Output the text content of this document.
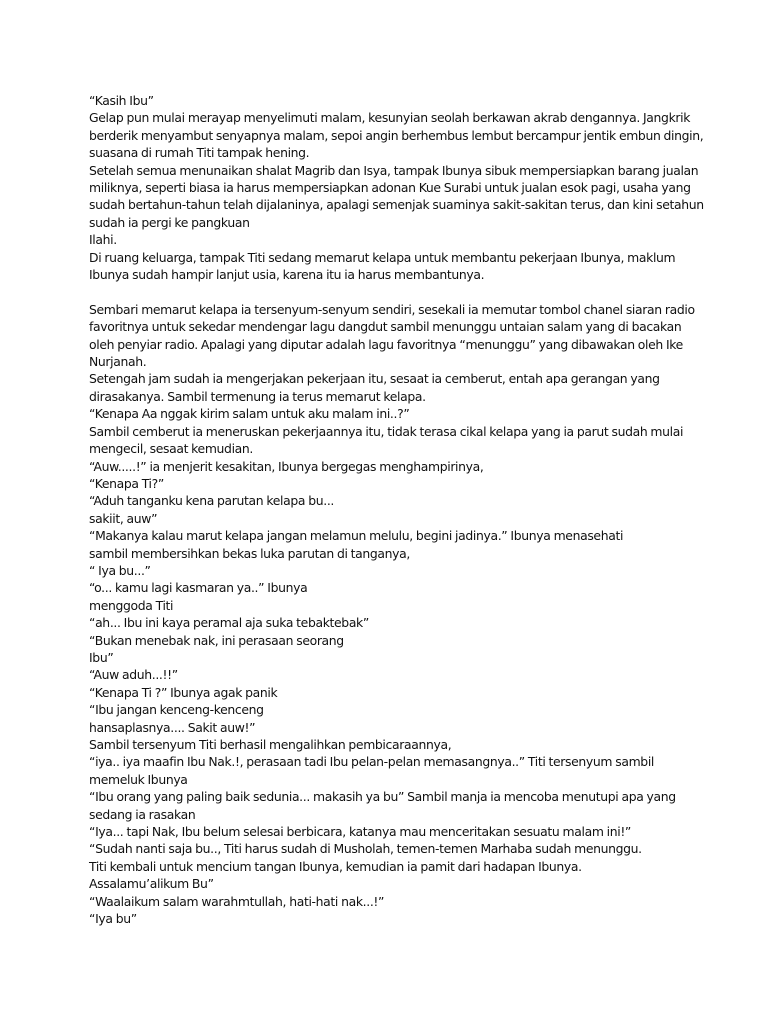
“Kasih Ibu”

Gelap pun mulai merayap menyelimuti malam, kesunyian seolah berkawan akrab dengannya. Jangkrik

berderik menyambut senyapnya malam, sepoi angin berhembus lembut bercampur jentik embun dingin,

suasana di rumah Titi tampak hening.

Setelah semua menunaikan shalat Magrib dan Isya, tampak Ibunya sibuk mempersiapkan barang jualan

miliknya, seperti biasa ia harus mempersiapkan adonan Kue Surabi untuk jualan esok pagi, usaha yang

sudah bertahun-tahun telah dijalaninya, apalagi semenjak suaminya sakit-sakitan terus, dan kini setahun

sudah ia pergi ke pangkuan

Ilahi.

Di ruang keluarga, tampak Titi sedang memarut kelapa untuk membantu pekerjaan Ibunya, maklum

Ibunya sudah hampir lanjut usia, karena itu ia harus membantunya.

Sembari memarut kelapa ia tersenyum-senyum sendiri, sesekali ia memutar tombol chanel siaran radio

favoritnya untuk sekedar mendengar lagu dangdut sambil menunggu untaian salam yang di bacakan

oleh penyiar radio. Apalagi yang diputar adalah lagu favoritnya “menunggu” yang dibawakan oleh Ike

Nurjanah.

Setengah jam sudah ia mengerjakan pekerjaan itu, sesaat ia cemberut, entah apa gerangan yang

dirasakanya. Sambil termenung ia terus memarut kelapa.

“Kenapa Aa nggak kirim salam untuk aku malam ini..?”

Sambil cemberut ia meneruskan pekerjaannya itu, tidak terasa cikal kelapa yang ia parut sudah mulai

mengecil, sesaat kemudian.

“Auw.....!” ia menjerit kesakitan, Ibunya bergegas menghampirinya,

“Kenapa Ti?”

“Aduh tanganku kena parutan kelapa bu...

sakiit, auw”

“Makanya kalau marut kelapa jangan melamun melulu, begini jadinya.” Ibunya menasehati

sambil membersihkan bekas luka parutan di tanganya,

“ Iya bu...”

“o... kamu lagi kasmaran ya..” Ibunya

menggoda Titi

“ah... Ibu ini kaya peramal aja suka tebaktebak”

“Bukan menebak nak, ini perasaan seorang

Ibu”

“Auw aduh...!!”

“Kenapa Ti ?” Ibunya agak panik

“Ibu jangan kenceng-kenceng

hansaplasnya.... Sakit auw!”

Sambil tersenyum Titi berhasil mengalihkan pembicaraannya,

“iya.. iya maafin Ibu Nak.!, perasaan tadi Ibu pelan-pelan memasangnya..” Titi tersenyum sambil

memeluk Ibunya

“Ibu orang yang paling baik sedunia... makasih ya bu” Sambil manja ia mencoba menutupi apa yang

sedang ia rasakan

“Iya... tapi Nak, Ibu belum selesai berbicara, katanya mau menceritakan sesuatu malam ini!”

“Sudah nanti saja bu.., Titi harus sudah di Musholah, temen-temen Marhaba sudah menunggu.

Titi kembali untuk mencium tangan Ibunya, kemudian ia pamit dari hadapan Ibunya.

Assalamu’alikum Bu”

“Waalaikum salam warahmtullah, hati-hati nak...!”

“Iya bu”
